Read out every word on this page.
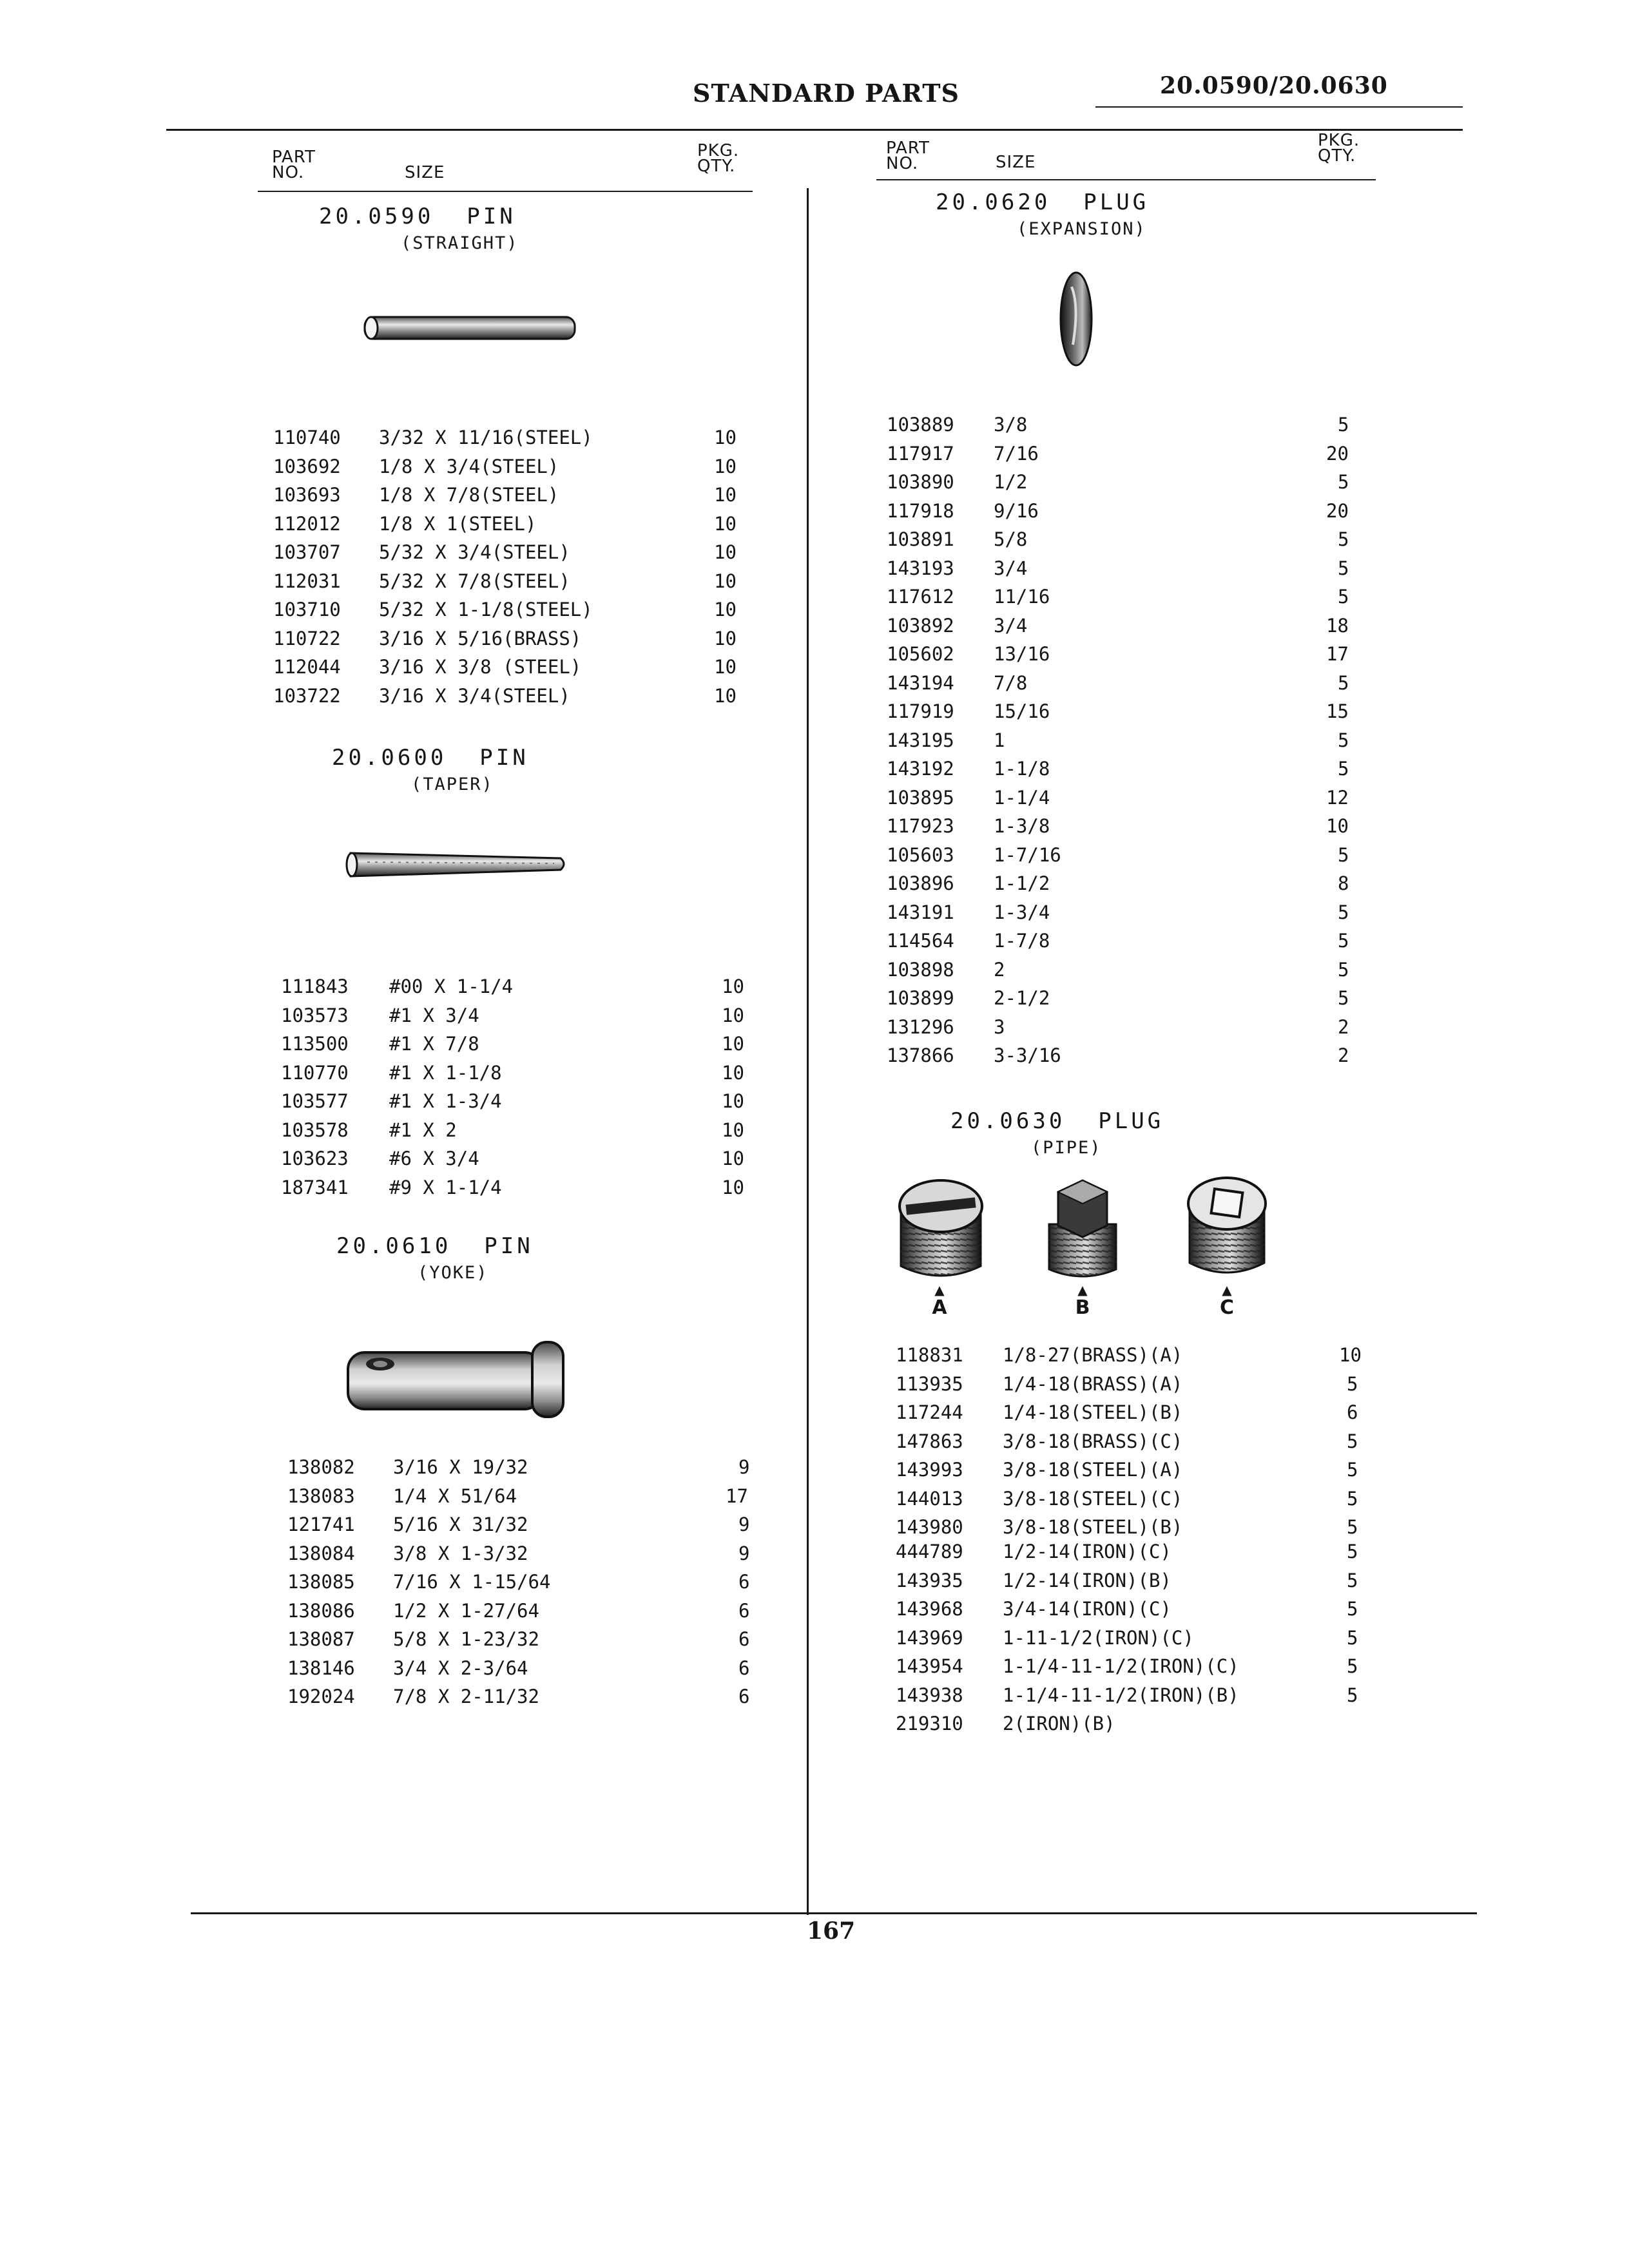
STANDARD PARTS	20.0590/20.0630
PART
NO.	SIZE
PKG.
QTY.
PART
NO.	SIZE
PKG.
QTY.
20.0590 PIN
(STRAIGHT)
110740 3/32 X 11/16(STEEL)	10
103692 1/8 X 3/4(STEEL)	10
103693 1/8 X 7/8(STEEL)	10
112012 1/8 X 1(STEEL)	10
103707 5/32 X 3/4(STEEL)	10
112031 5/32 X 7/8(STEEL)	10
103710 5/32 X 1-1/8(STEEL)	10
110722 3/16 X 5/16(BRASS)	10
112044 3/16 X 3/8 (STEEL)	10
103722 3/16 X 3/4(STEEL)	10
20.0600 PIN
(TAPER)
111843 #00 X 1-1/4	10
103573 #1 X 3/4	10
113500 #1 X 7/8	10
110770 #1 X 1-1/8	10
103577 #1 X 1-3/4	10
103578 #1 X 2	10
103623 #6 X 3/4	10
187341 #9 X 1-1/4	10
20.0610 PIN
(YOKE)
138082 3/16 X 19/32	9
138083 1/4 X 51/64	17
121741 5/16 X 31/32	9
138084 3/8 X 1-3/32	9
138085 7/16 X 1-15/64	6
138086 1/2 X 1-27/64	6
138087 5/8 X 1-23/32	6
138146 3/4 X 2-3/64	6
192024 7/8 X 2-11/32	6
20.0620 PLUG
(EXPANSION)
103889 3/8	5
117917 7/16	20
103890 1/2	5
117918 9/16	20
103891 5/8	5
143193 3/4	5
117612 11/16	5
103892 3/4	18
105602 13/16	17
143194 7/8	5
117919 15/16	15
143195 1	5
143192 1-1/8	5
103895 1-1/4	12
117923 1-3/8	10
105603 1-7/16	5
103896 1-1/2	8
143191 1-3/4	5
114564 1-7/8	5
103898 2	5
103899 2-1/2	5
131296 3	2
137866 3-3/16	2
20.0630 PLUG
(PIPE)
▲
A
▲
B
▲
C
118831 1/8-27(BRASS)(A)	10
113935 1/4-18(BRASS)(A)	5
117244 1/4-18(STEEL)(B)	6
147863 3/8-18(BRASS)(C)	5
143993 3/8-18(STEEL)(A)	5
144013 3/8-18(STEEL)(C)	5
143980 3/8-18(STEEL)(B)	5
444789 1/2-14(IRON)(C)	5
143935 1/2-14(IRON)(B)	5
143968 3/4-14(IRON)(C)	5
143969 1-11-1/2(IRON)(C)	5
143954 1-1/4-11-1/2(IRON)(C)	5
143938 1-1/4-11-1/2(IRON)(B)	5
219310 2(IRON)(B)
167
